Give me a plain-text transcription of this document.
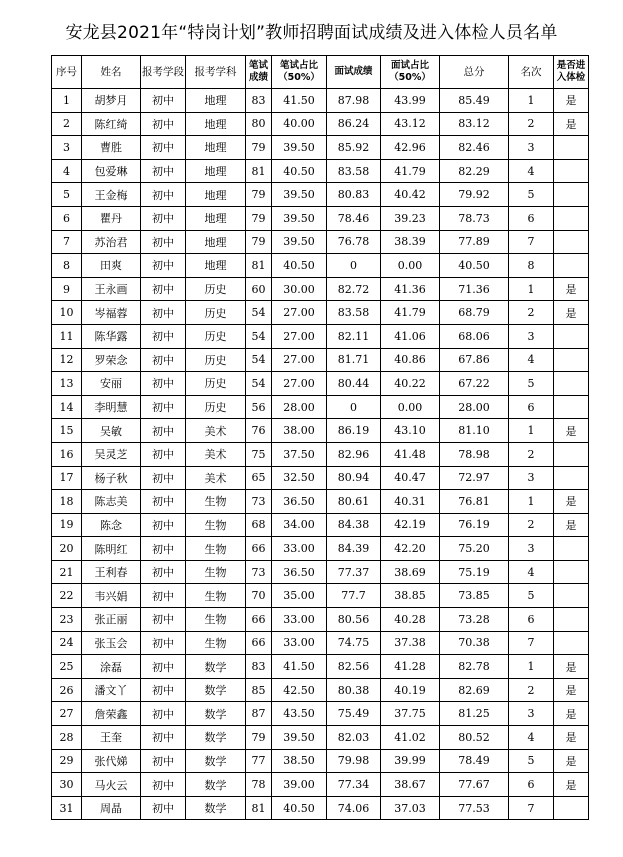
安龙县2021年“特岗计划”教师招聘面试成绩及进入体检人员名单
序号	姓名	报考学段	报考学科	笔试成绩	笔试占比（50%）	面试成绩	面试占比（50%）	总分	名次	是否进入体检
1	胡梦月	初中	地理	83	41.50	87.98	43.99	85.49	1	是
2	陈红绮	初中	地理	80	40.00	86.24	43.12	83.12	2	是
3	曹胜	初中	地理	79	39.50	85.92	42.96	82.46	3	
4	包爱琳	初中	地理	81	40.50	83.58	41.79	82.29	4	
5	王金梅	初中	地理	79	39.50	80.83	40.42	79.92	5	
6	瞿丹	初中	地理	79	39.50	78.46	39.23	78.73	6	
7	苏治君	初中	地理	79	39.50	76.78	38.39	77.89	7	
8	田爽	初中	地理	81	40.50	0	0.00	40.50	8	
9	王永画	初中	历史	60	30.00	82.72	41.36	71.36	1	是
10	岑福蓉	初中	历史	54	27.00	83.58	41.79	68.79	2	是
11	陈华露	初中	历史	54	27.00	82.11	41.06	68.06	3	
12	罗荣念	初中	历史	54	27.00	81.71	40.86	67.86	4	
13	安丽	初中	历史	54	27.00	80.44	40.22	67.22	5	
14	李明慧	初中	历史	56	28.00	0	0.00	28.00	6	
15	吴敏	初中	美术	76	38.00	86.19	43.10	81.10	1	是
16	吴灵芝	初中	美术	75	37.50	82.96	41.48	78.98	2	
17	杨子秋	初中	美术	65	32.50	80.94	40.47	72.97	3	
18	陈志美	初中	生物	73	36.50	80.61	40.31	76.81	1	是
19	陈念	初中	生物	68	34.00	84.38	42.19	76.19	2	是
20	陈明红	初中	生物	66	33.00	84.39	42.20	75.20	3	
21	王利春	初中	生物	73	36.50	77.37	38.69	75.19	4	
22	韦兴娟	初中	生物	70	35.00	77.7	38.85	73.85	5	
23	张正丽	初中	生物	66	33.00	80.56	40.28	73.28	6	
24	张玉会	初中	生物	66	33.00	74.75	37.38	70.38	7	
25	涂磊	初中	数学	83	41.50	82.56	41.28	82.78	1	是
26	潘文丫	初中	数学	85	42.50	80.38	40.19	82.69	2	是
27	詹荣鑫	初中	数学	87	43.50	75.49	37.75	81.25	3	是
28	王奎	初中	数学	79	39.50	82.03	41.02	80.52	4	是
29	张代娣	初中	数学	77	38.50	79.98	39.99	78.49	5	是
30	马火云	初中	数学	78	39.00	77.34	38.67	77.67	6	是
31	周晶	初中	数学	81	40.50	74.06	37.03	77.53	7	
